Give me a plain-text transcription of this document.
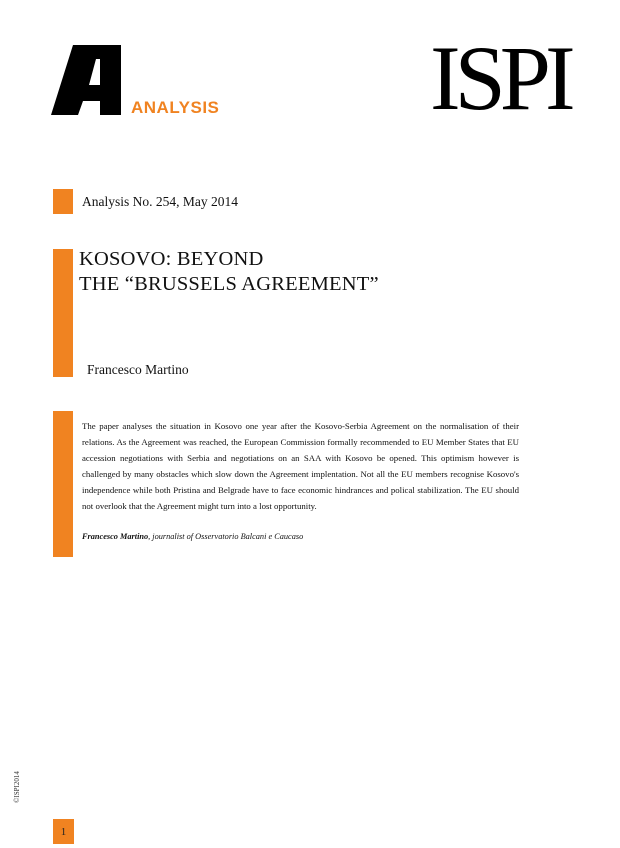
ANALYSIS ISPI
Analysis No. 254, May 2014
KOSOVO: BEYOND
THE “BRUSSELS AGREEMENT”
Francesco Martino
The paper analyses the situation in Kosovo one year after the Kosovo-Serbia Agreement on the normalisation of their relations. As the Agreement was reached, the European Commission formally recommended to EU Member States that EU accession negotiations with Serbia and negotiations on an SAA with Kosovo be opened. This optimism however is challenged by many obstacles which slow down the Agreement implentation. Not all the EU members recognise Kosovo's independence while both Pristina and Belgrade have to face economic hindrances and polical stabilization. The EU should not overlook that the Agreement might turn into a lost opportunity.
Francesco Martino, journalist of Osservatorio Balcani e Caucaso
©ISPI2014
1
